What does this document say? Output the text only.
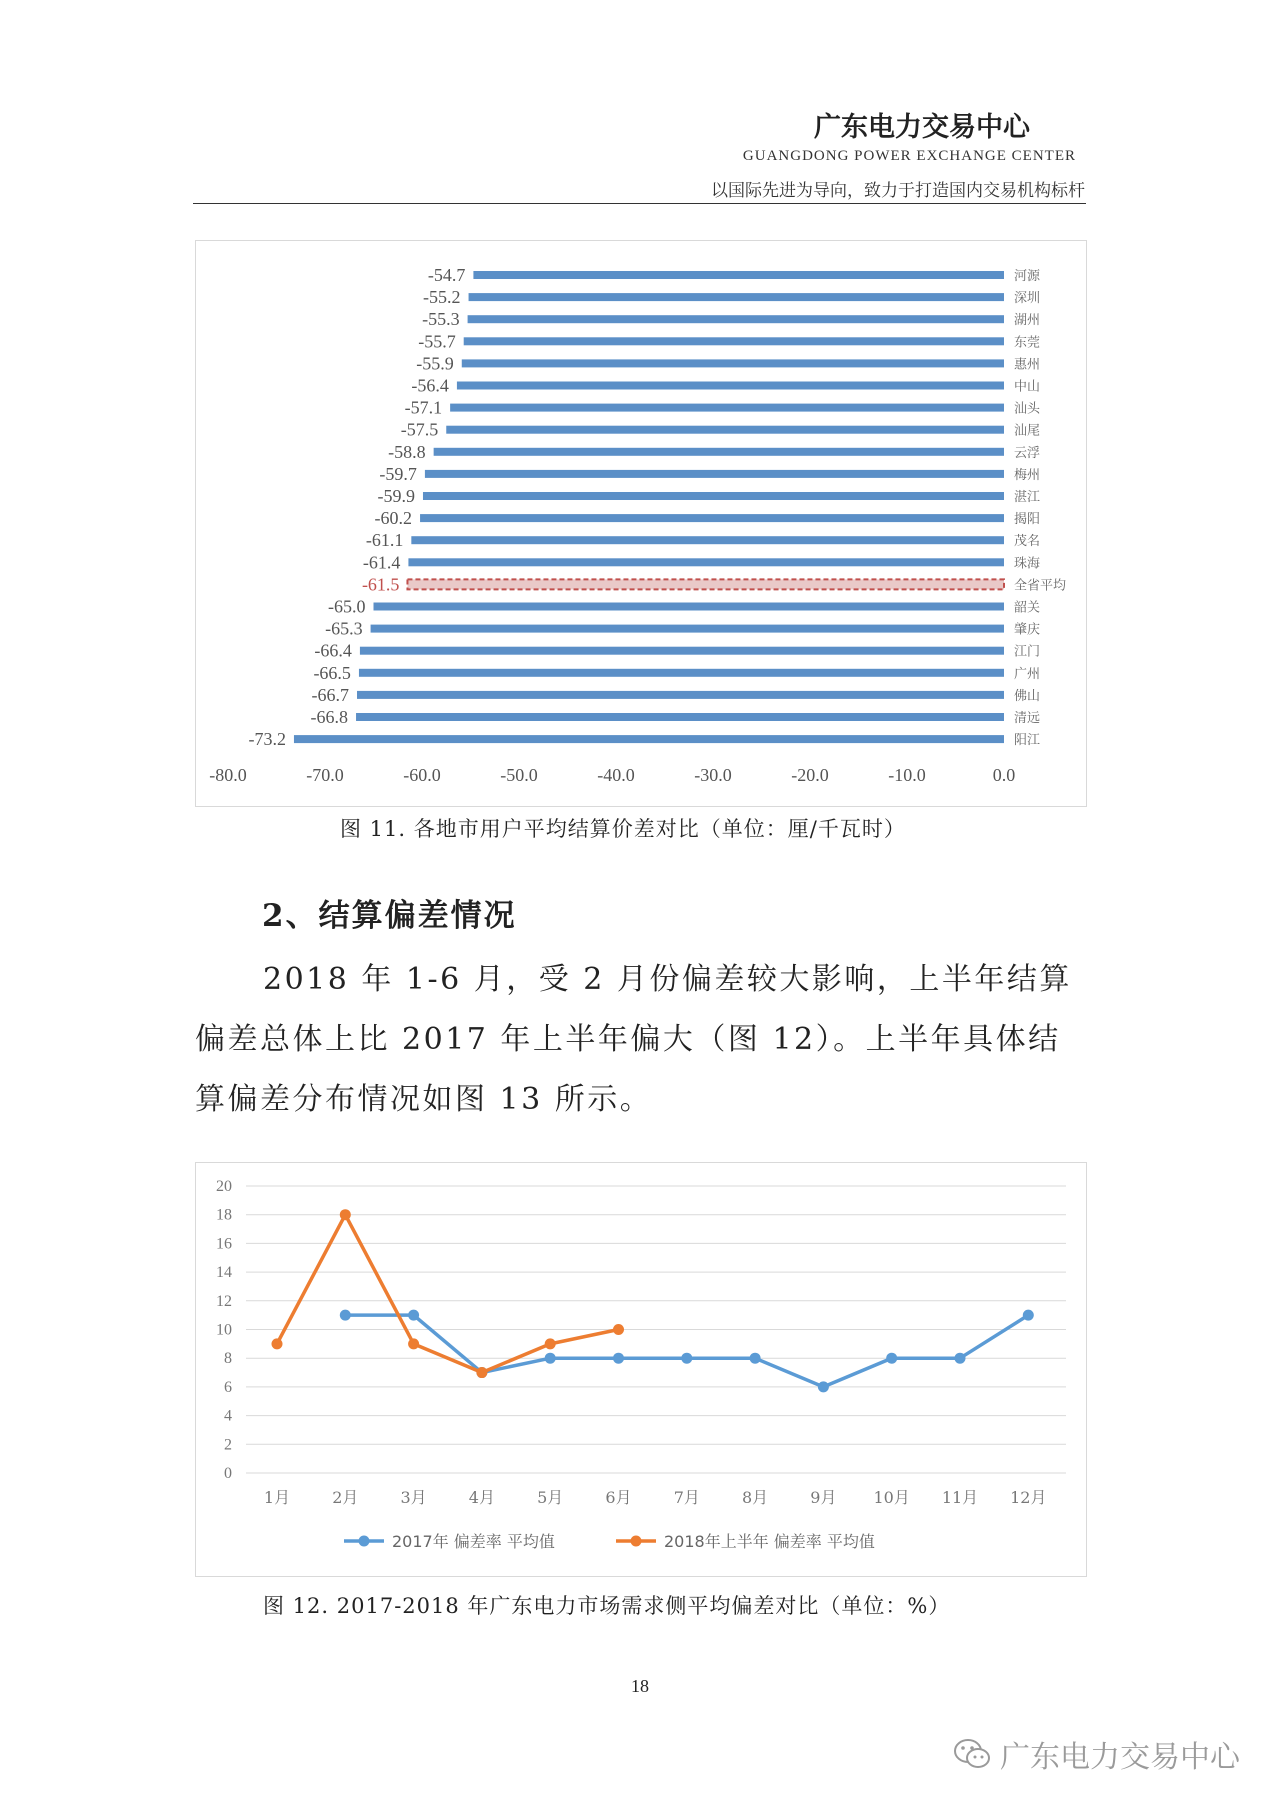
广东电力交易中心
GUANGDONG POWER EXCHANGE CENTER
以国际先进为导向，致力于打造国内交易机构标杆
-54.7	河源
-55.2	深圳
-55.3	湖州
-55.7	东莞
-55.9	惠州
-56.4	中山
-57.1	汕头
-57.5	汕尾
-58.8	云浮
-59.7	梅州
-59.9	湛江
-60.2	揭阳
-61.1	茂名
-61.4	珠海
-61.5	全省平均
-65.0	韶关
-65.3	肇庆
-66.4	江门
-66.5	广州
-66.7	佛山
-66.8	清远
-73.2	阳江
-80.0	-70.0	-60.0	-50.0	-40.0	-30.0	-20.0	-10.0	0.0
图 11. 各地市用户平均结算价差对比（单位：厘/千瓦时）
2、结算偏差情况

2018 年 1-6 月，受 2 月份偏差较大影响，上半年结算偏差总体上比 2017 年上半年偏大（图 12）。上半年具体结算偏差分布情况如图 13 所示。

0
2
4
6
8
10
12
14
16
18
20
1月	2月	3月	4月	5月	6月	7月	8月	9月 10月 11月 12月
2017年 偏差率 平均值	2018年上半年 偏差率 平均值
图 12. 2017-2018 年广东电力市场需求侧平均偏差对比（单位：%）
18
广东电力交易中心
